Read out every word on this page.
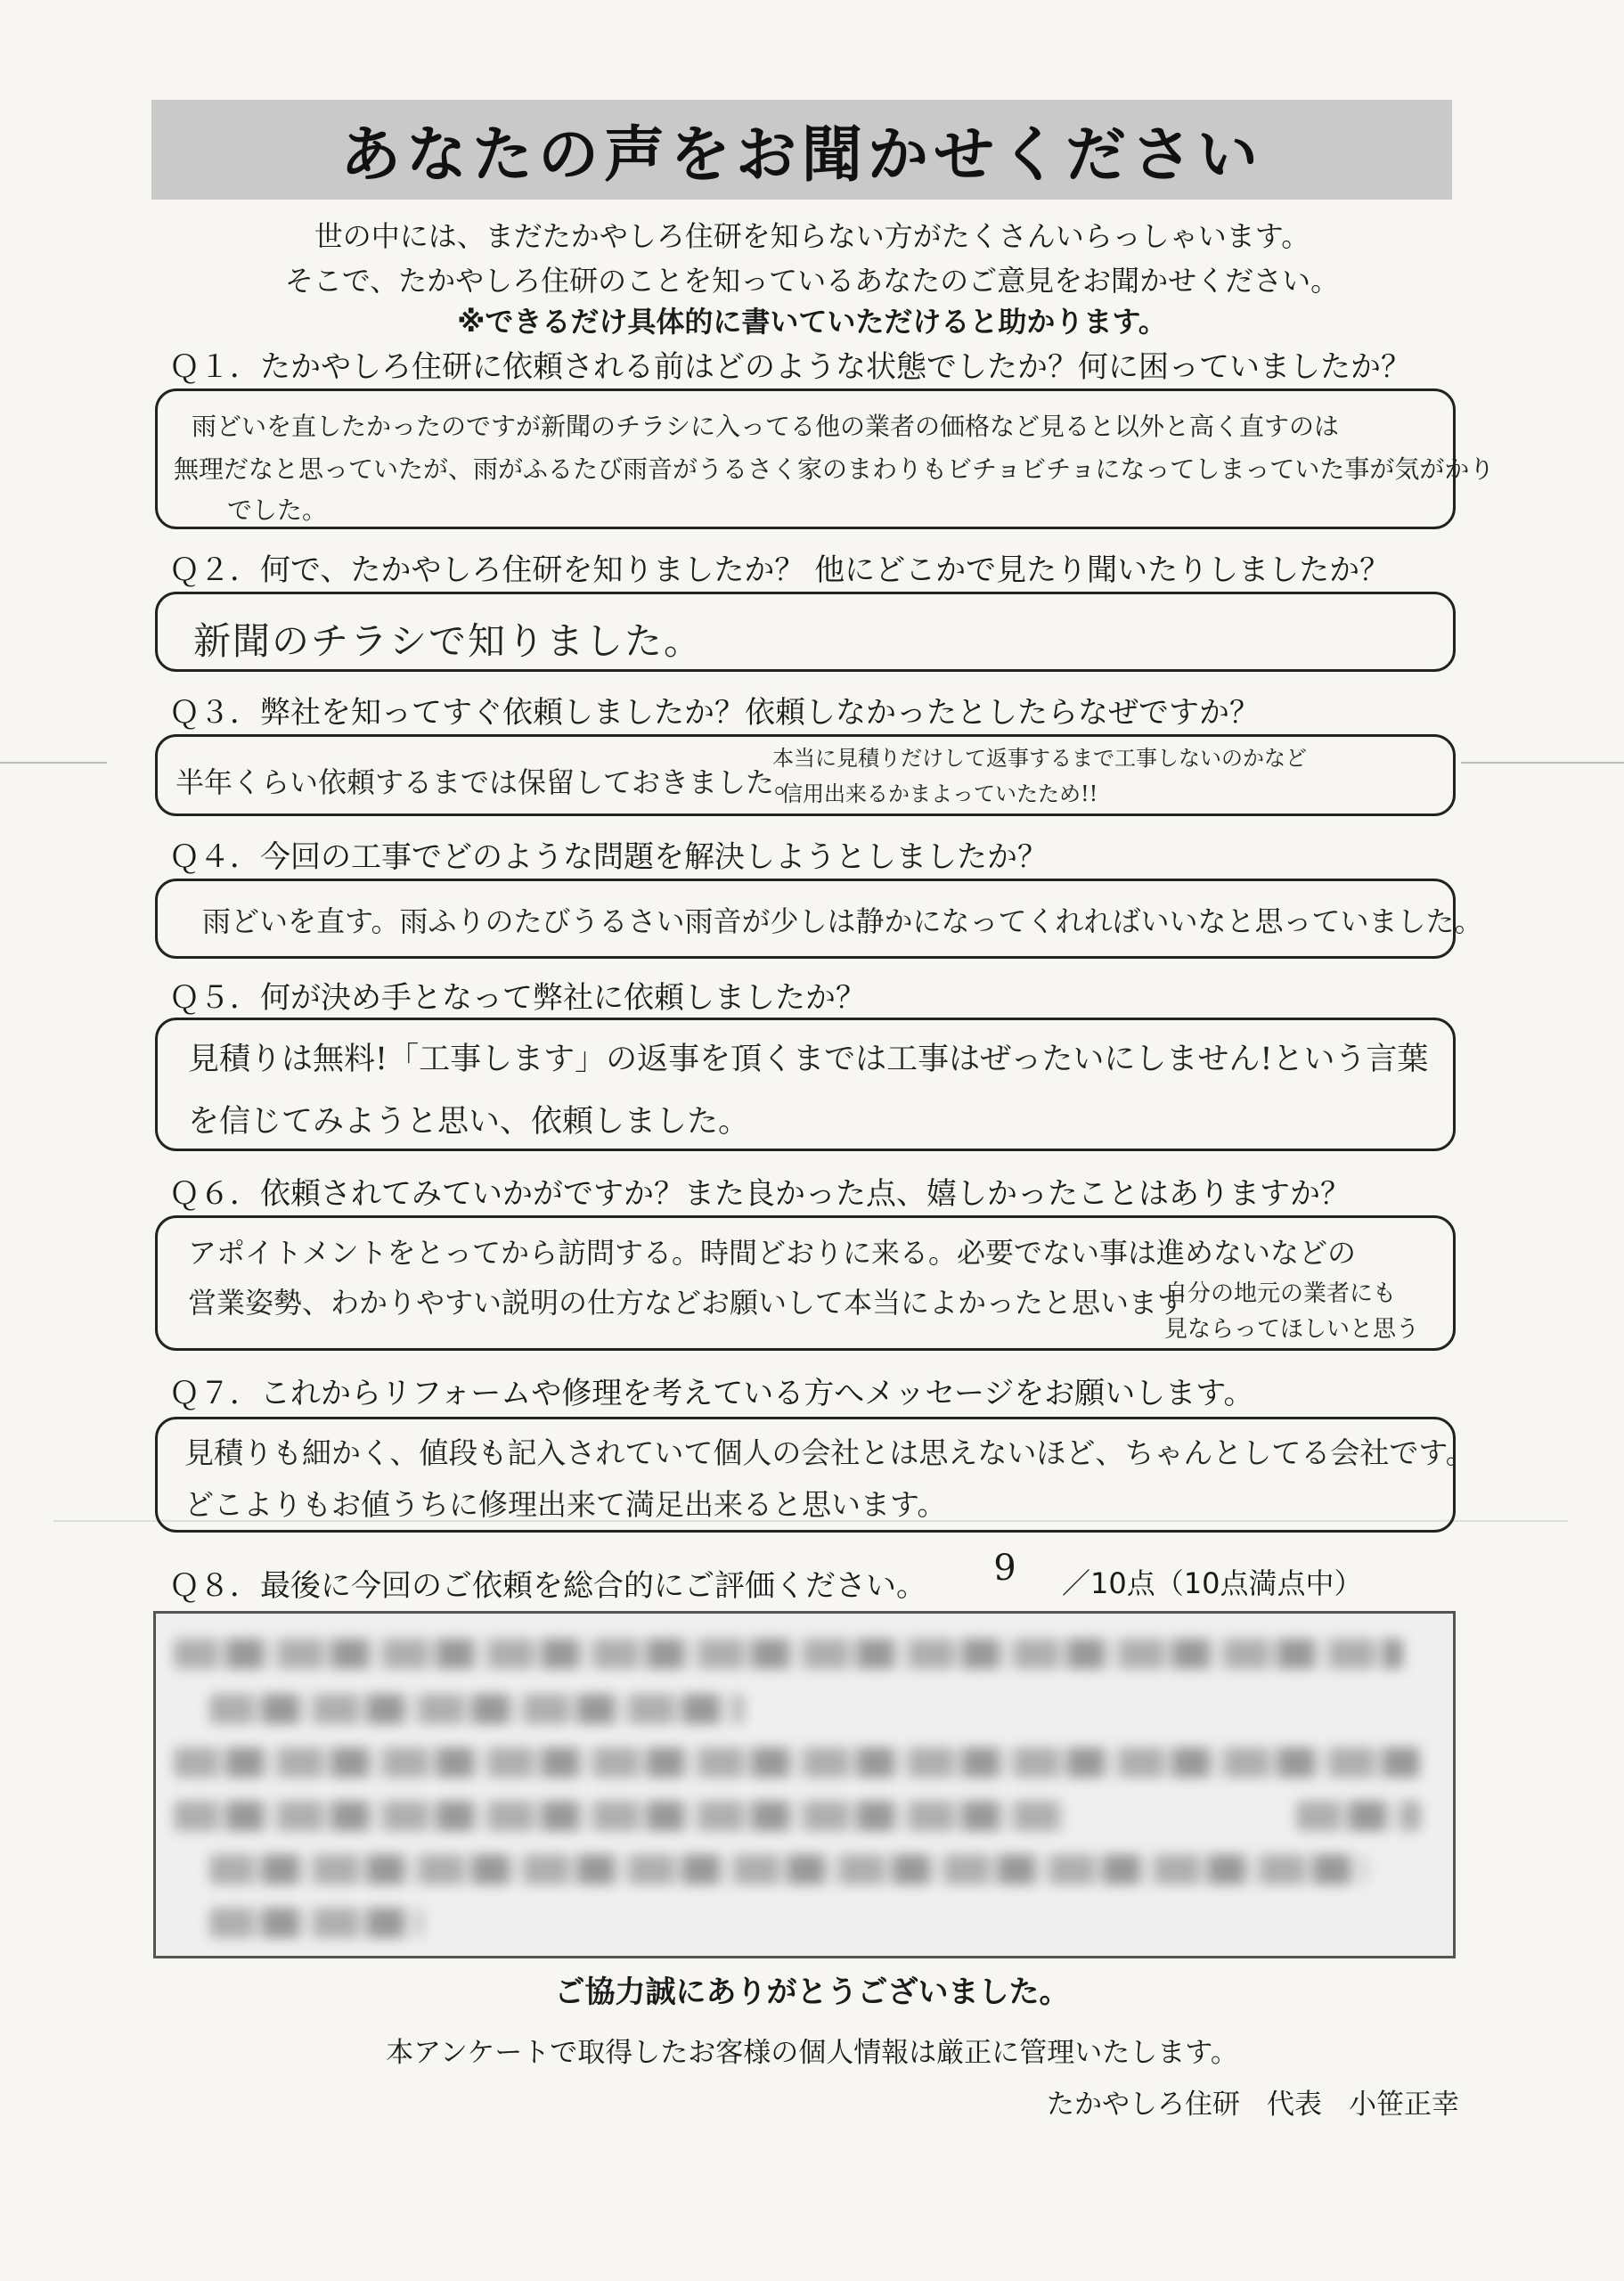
あなたの声をお聞かせください
世の中には、まだたかやしろ住研を知らない方がたくさんいらっしゃいます。
そこで、たかやしろ住研のことを知っているあなたのご意見をお聞かせください。
※できるだけ具体的に書いていただけると助かります。
Ｑ１．たかやしろ住研に依頼される前はどのような状態でしたか？何に困っていましたか？
雨どいを直したかったのですが新聞のチラシに入ってる他の業者の価格など見ると以外と高く直すのは
無理だなと思っていたが、雨がふるたび雨音がうるさく家のまわりもビチョビチョになってしまっていた事が気がかり
でした。
Ｑ２．何で、たかやしろ住研を知りましたか？ 他にどこかで見たり聞いたりしましたか？
新聞のチラシで知りました。
Ｑ３．弊社を知ってすぐ依頼しましたか？依頼しなかったとしたらなぜですか？
半年くらい依頼するまでは保留しておきました。
本当に見積りだけして返事するまで工事しないのかなど
信用出来るかまよっていたため!!
Ｑ４．今回の工事でどのような問題を解決しようとしましたか？
雨どいを直す。雨ふりのたびうるさい雨音が少しは静かになってくれればいいなと思っていました。
Ｑ５．何が決め手となって弊社に依頼しましたか？
見積りは無料!「工事します」の返事を頂くまでは工事はぜったいにしません!という言葉
を信じてみようと思い、依頼しました。
Ｑ６．依頼されてみていかがですか？また良かった点、嬉しかったことはありますか？
アポイトメントをとってから訪問する。時間どおりに来る。必要でない事は進めないなどの
営業姿勢、わかりやすい説明の仕方などお願いして本当によかったと思います
自分の地元の業者にも
見ならってほしいと思う
Ｑ７．これからリフォームや修理を考えている方へメッセージをお願いします。
見積りも細かく、値段も記入されていて個人の会社とは思えないほど、ちゃんとしてる会社です。
どこよりもお値うちに修理出来て満足出来ると思います。
Ｑ８．最後に今回のご依頼を総合的にご評価ください。	9	／10点（10点満点中）
ご協力誠にありがとうございました。
本アンケートで取得したお客様の個人情報は厳正に管理いたします。
たかやしろ住研 代表 小笹正幸
